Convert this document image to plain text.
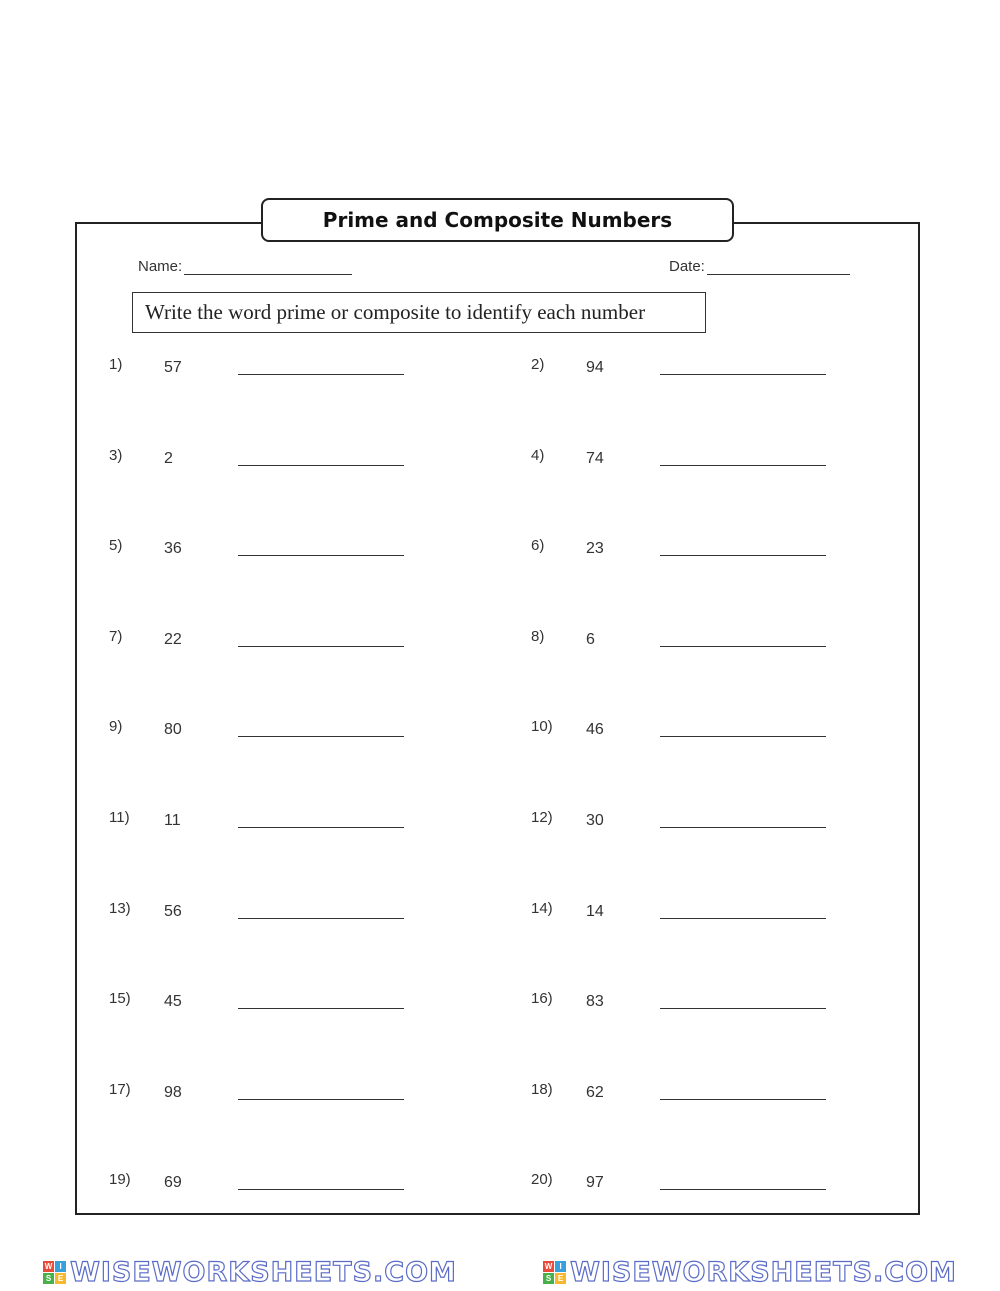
Prime and Composite Numbers
Name:	Date:
Write the word prime or composite to identify each number
1)	57	2)	94
3)	2	4)	74
5)	36	6)	23
7)	22	8)	6
9)	80	10) 46
11) 11	12) 30
13) 56	14) 14
15) 45	16) 83
17) 98	18) 62
19) 69	20) 97
W I
S E WISEWORKSHEETS.COM	W I
S E WISEWORKSHEETS.COM
